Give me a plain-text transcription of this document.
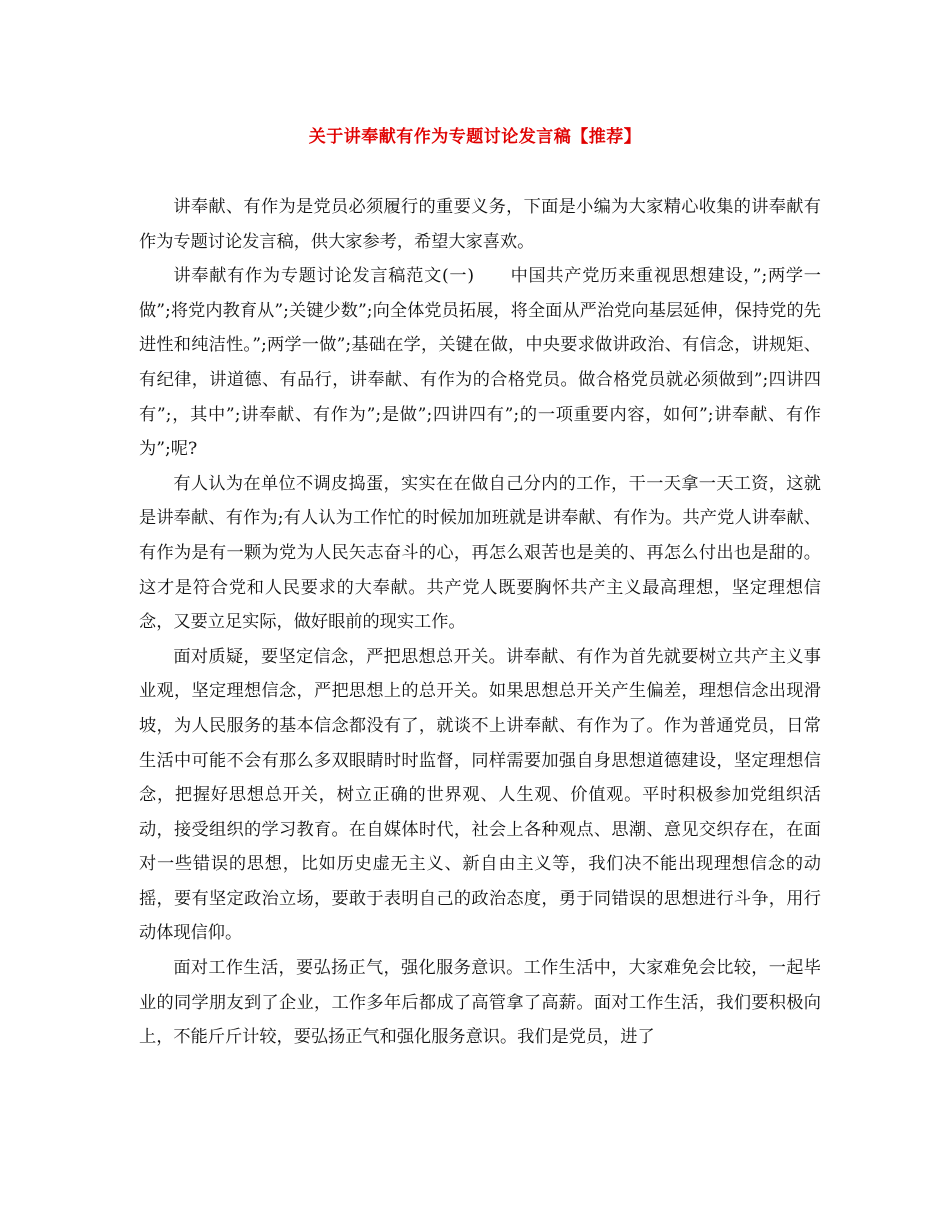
关于讲奉献有作为专题讨论发言稿【推荐】

讲奉献、有作为是党员必须履行的重要义务，下面是小编为大家精心收集的讲奉献有作为专题讨论发言稿，供大家参考，希望大家喜欢。

讲奉献有作为专题讨论发言稿范文(一)　　中国共产党历来重视思想建设，”;两学一做”;将党内教育从”;关键少数”;向全体党员拓展，将全面从严治党向基层延伸，保持党的先进性和纯洁性。”;两学一做”;基础在学，关键在做，中央要求做讲政治、有信念，讲规矩、有纪律，讲道德、有品行，讲奉献、有作为的合格党员。做合格党员就必须做到”;四讲四有”;，其中”;讲奉献、有作为”;是做”;四讲四有”;的一项重要内容，如何”;讲奉献、有作为”;呢?

有人认为在单位不调皮捣蛋，实实在在做自己分内的工作，干一天拿一天工资，这就是讲奉献、有作为;有人认为工作忙的时候加加班就是讲奉献、有作为。共产党人讲奉献、有作为是有一颗为党为人民矢志奋斗的心，再怎么艰苦也是美的、再怎么付出也是甜的。这才是符合党和人民要求的大奉献。共产党人既要胸怀共产主义最高理想，坚定理想信念，又要立足实际，做好眼前的现实工作。

面对质疑，要坚定信念，严把思想总开关。讲奉献、有作为首先就要树立共产主义事业观，坚定理想信念，严把思想上的总开关。如果思想总开关产生偏差，理想信念出现滑坡，为人民服务的基本信念都没有了，就谈不上讲奉献、有作为了。作为普通党员，日常生活中可能不会有那么多双眼睛时时监督，同样需要加强自身思想道德建设，坚定理想信念，把握好思想总开关，树立正确的世界观、人生观、价值观。平时积极参加党组织活动，接受组织的学习教育。在自媒体时代，社会上各种观点、思潮、意见交织存在，在面对一些错误的思想，比如历史虚无主义、新自由主义等，我们决不能出现理想信念的动摇，要有坚定政治立场，要敢于表明自己的政治态度，勇于同错误的思想进行斗争，用行动体现信仰。

面对工作生活，要弘扬正气，强化服务意识。工作生活中，大家难免会比较，一起毕业的同学朋友到了企业，工作多年后都成了高管拿了高薪。面对工作生活，我们要积极向上，不能斤斤计较，要弘扬正气和强化服务意识。我们是党员，进了
